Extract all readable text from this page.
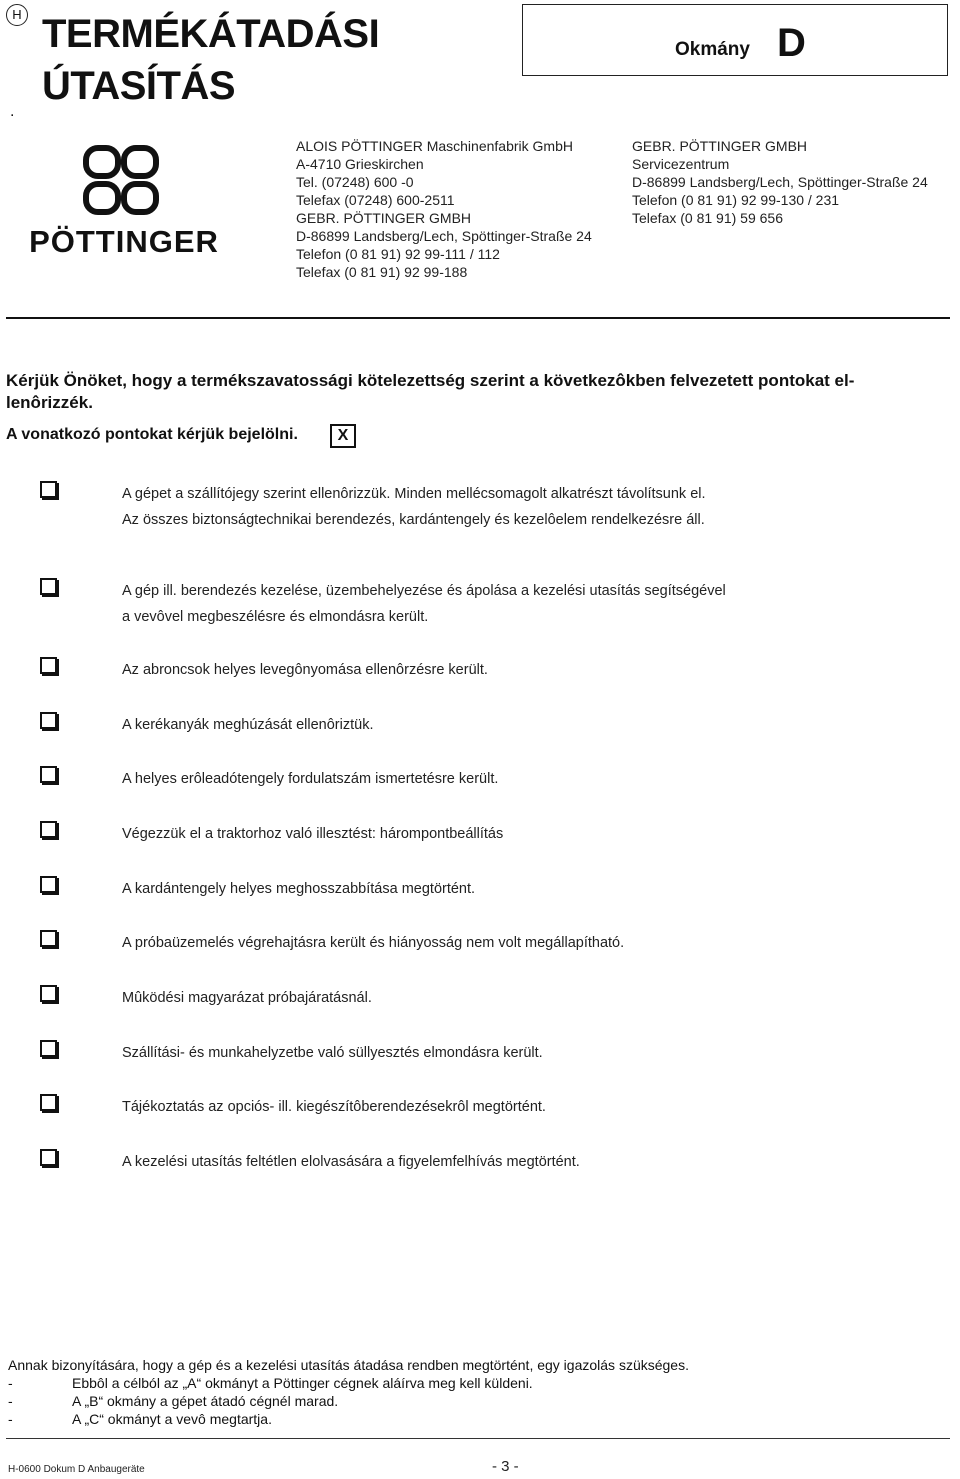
H
.
TERMÉKÁTADÁSI
ÚTASÍTÁS
Okmány D
PÖTTINGER
ALOIS PÖTTINGER Maschinenfabrik GmbH
A-4710 Grieskirchen
Tel. (07248) 600 -0
Telefax (07248) 600-2511
GEBR. PÖTTINGER GMBH
D-86899 Landsberg/Lech, Spöttinger-Straße 24
Telefon (0 81 91) 92 99-111 / 112
Telefax (0 81 91) 92 99-188
GEBR. PÖTTINGER GMBH
Servicezentrum
D-86899 Landsberg/Lech, Spöttinger-Straße 24
Telefon (0 81 91) 92 99-130 / 231
Telefax (0 81 91) 59 656
Kérjük Önöket, hogy a termékszavatossági kötelezettség szerint a következôkben felvezetett pontokat el-
lenôrizzék.
A vonatkozó pontokat kérjük bejelölni.	X
A gépet a szállítójegy szerint ellenôrizzük. Minden mellécsomagolt alkatrészt távolítsunk el.
Az összes biztonságtechnikai berendezés, kardántengely és kezelôelem rendelkezésre áll.
A gép ill. berendezés kezelése, üzembehelyezése és ápolása a kezelési utasítás segítségével
a vevôvel megbeszélésre és elmondásra került.
Az abroncsok helyes levegônyomása ellenôrzésre került.
A kerékanyák meghúzását ellenôriztük.
A helyes erôleadótengely fordulatszám ismertetésre került.
Végezzük el a traktorhoz való illesztést: hárompontbeállítás
A kardántengely helyes meghosszabbítása megtörtént.
A próbaüzemelés végrehajtásra került és hiányosság nem volt megállapítható.
Mûködési magyarázat próbajáratásnál.
Szállítási- és munkahelyzetbe való süllyesztés elmondásra került.
Tájékoztatás az opciós- ill. kiegészítôberendezésekrôl megtörtént.
A kezelési utasítás feltétlen elolvasására a figyelemfelhívás megtörtént.
Annak bizonyítására, hogy a gép és a kezelési utasítás átadása rendben megtörtént, egy igazolás szükséges.
-	Ebbôl a célból az „A“ okmányt a Pöttinger cégnek aláírva meg kell küldeni.
-	A „B“ okmány a gépet átadó cégnél marad.
-	A „C“ okmányt a vevô megtartja.
H-0600 Dokum D Anbaugeräte	- 3 -
